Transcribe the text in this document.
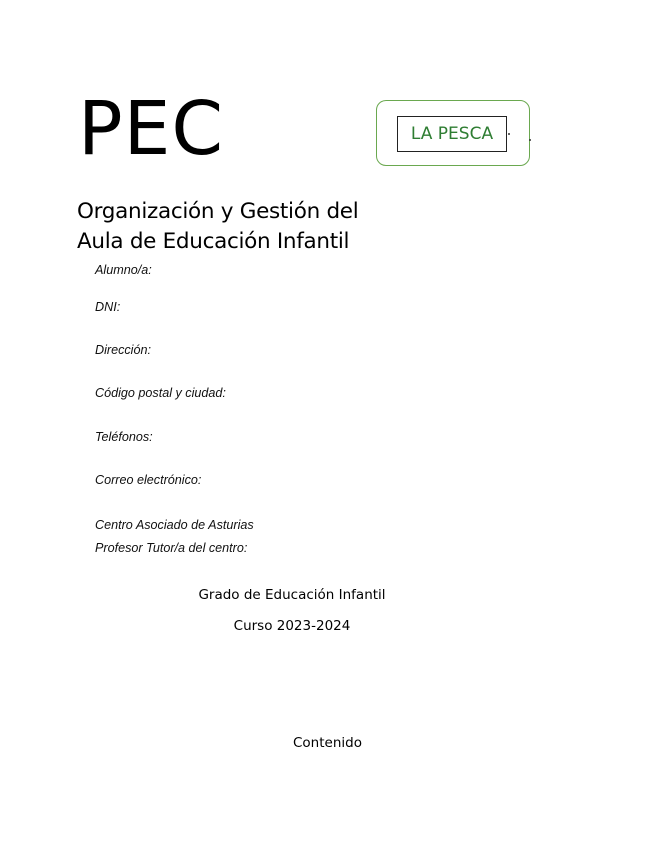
PEC	LA PESCA
Organización y Gestión del
Aula de Educación Infantil
Alumno/a:
DNI:
Dirección:
Código postal y ciudad:
Teléfonos:
Correo electrónico:
Centro Asociado de Asturias
Profesor Tutor/a del centro:
Grado de Educación Infantil
Curso 2023-2024
Contenido
